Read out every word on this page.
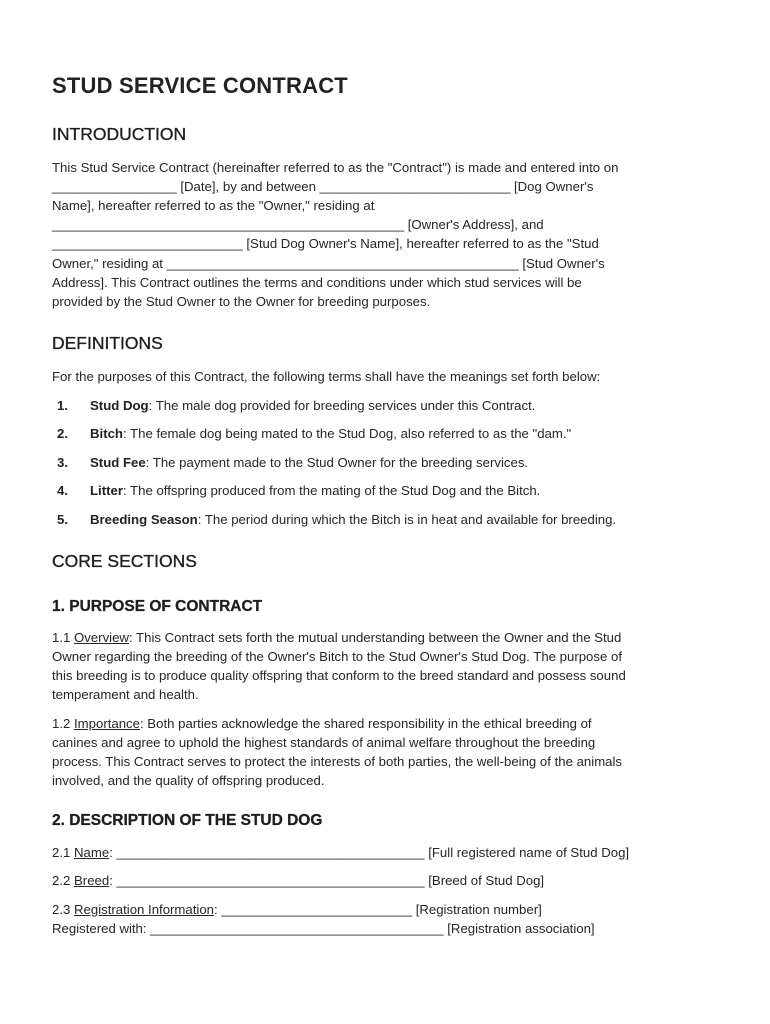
STUD SERVICE CONTRACT
INTRODUCTION
This Stud Service Contract (hereinafter referred to as the "Contract") is made and entered into on
_________________ [Date], by and between __________________________ [Dog Owner's
Name], hereafter referred to as the "Owner," residing at
________________________________________________ [Owner's Address], and
__________________________ [Stud Dog Owner's Name], hereafter referred to as the "Stud
Owner," residing at ________________________________________________ [Stud Owner's
Address]. This Contract outlines the terms and conditions under which stud services will be
provided by the Stud Owner to the Owner for breeding purposes.
DEFINITIONS
For the purposes of this Contract, the following terms shall have the meanings set forth below:
1. Stud Dog: The male dog provided for breeding services under this Contract.
2. Bitch: The female dog being mated to the Stud Dog, also referred to as the "dam."
3. Stud Fee: The payment made to the Stud Owner for the breeding services.
4. Litter: The offspring produced from the mating of the Stud Dog and the Bitch.
5. Breeding Season: The period during which the Bitch is in heat and available for breeding.
CORE SECTIONS
1. PURPOSE OF CONTRACT
1.1 Overview: This Contract sets forth the mutual understanding between the Owner and the Stud
Owner regarding the breeding of the Owner's Bitch to the Stud Owner's Stud Dog. The purpose of
this breeding is to produce quality offspring that conform to the breed standard and possess sound
temperament and health.
1.2 Importance: Both parties acknowledge the shared responsibility in the ethical breeding of
canines and agree to uphold the highest standards of animal welfare throughout the breeding
process. This Contract serves to protect the interests of both parties, the well-being of the animals
involved, and the quality of offspring produced.
2. DESCRIPTION OF THE STUD DOG
2.1 Name: __________________________________________ [Full registered name of Stud Dog]
2.2 Breed: __________________________________________ [Breed of Stud Dog]
2.3 Registration Information: __________________________ [Registration number]
Registered with: ________________________________________ [Registration association]
